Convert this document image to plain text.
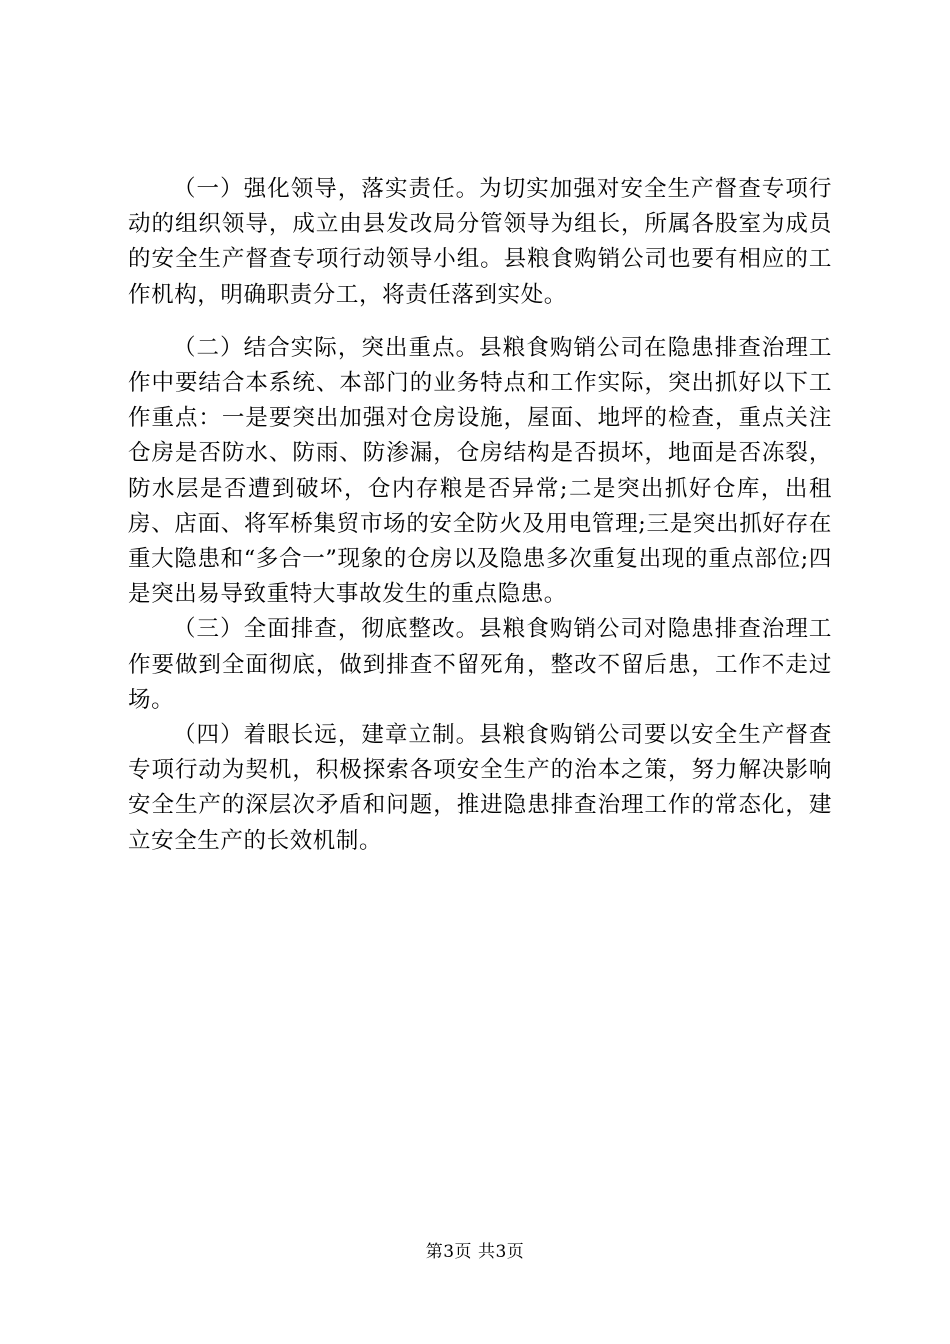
（一）强化领导，落实责任。为切实加强对安全生产督查专项行动的组织领导，成立由县发改局分管领导为组长，所属各股室为成员的安全生产督查专项行动领导小组。县粮食购销公司也要有相应的工作机构，明确职责分工，将责任落到实处。

（二）结合实际，突出重点。县粮食购销公司在隐患排查治理工作中要结合本系统、本部门的业务特点和工作实际，突出抓好以下工作重点：一是要突出加强对仓房设施，屋面、地坪的检查，重点关注仓房是否防水、防雨、防渗漏，仓房结构是否损坏，地面是否冻裂，防水层是否遭到破坏，仓内存粮是否异常;二是突出抓好仓库，出租房、店面、将军桥集贸市场的安全防火及用电管理;三是突出抓好存在重大隐患和“多合一”现象的仓房以及隐患多次重复出现的重点部位;四是突出易导致重特大事故发生的重点隐患。

（三）全面排查，彻底整改。县粮食购销公司对隐患排查治理工作要做到全面彻底，做到排查不留死角，整改不留后患，工作不走过场。

（四）着眼长远，建章立制。县粮食购销公司要以安全生产督查专项行动为契机，积极探索各项安全生产的治本之策，努力解决影响安全生产的深层次矛盾和问题，推进隐患排查治理工作的常态化，建立安全生产的长效机制。

第3页 共3页
